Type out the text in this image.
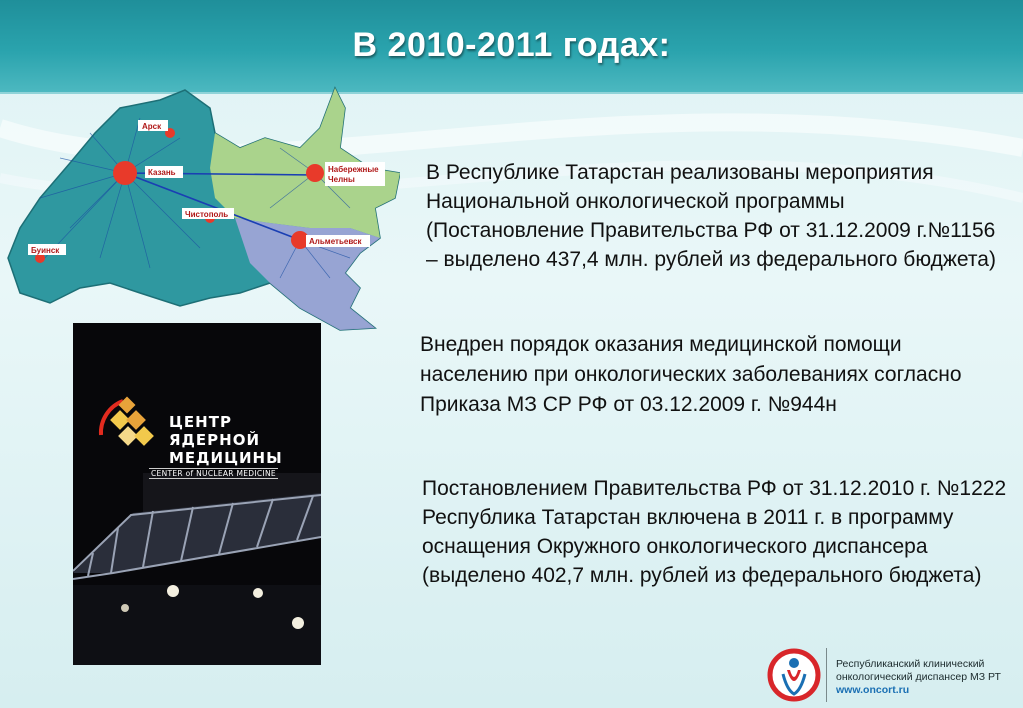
В 2010-2011 годах:
Арск
Казань	Набережные
Челны
Чистополь
Альметьевск
Буинск
В Республике Татарстан реализованы мероприятия Национальной онкологической программы (Постановление Правительства РФ от 31.12.2009 г.№1156 – выделено 437,4 млн. рублей из федерального бюджета)
Внедрен порядок оказания медицинской помощи населению при онкологических заболеваниях согласно Приказа МЗ СР РФ от 03.12.2009 г. №944н
Постановлением Правительства РФ от 31.12.2010 г. №1222 Республика Татарстан включена в 2011 г. в программу оснащения Окружного онкологического диспансера (выделено 402,7 млн. рублей из федерального бюджета)
ЦЕНТР
ЯДЕРНОЙ
МЕДИЦИНЫ
CENTER of NUCLEAR MEDICINE
Республиканский клинический
онкологический диспансер МЗ РТ
www.oncort.ru
